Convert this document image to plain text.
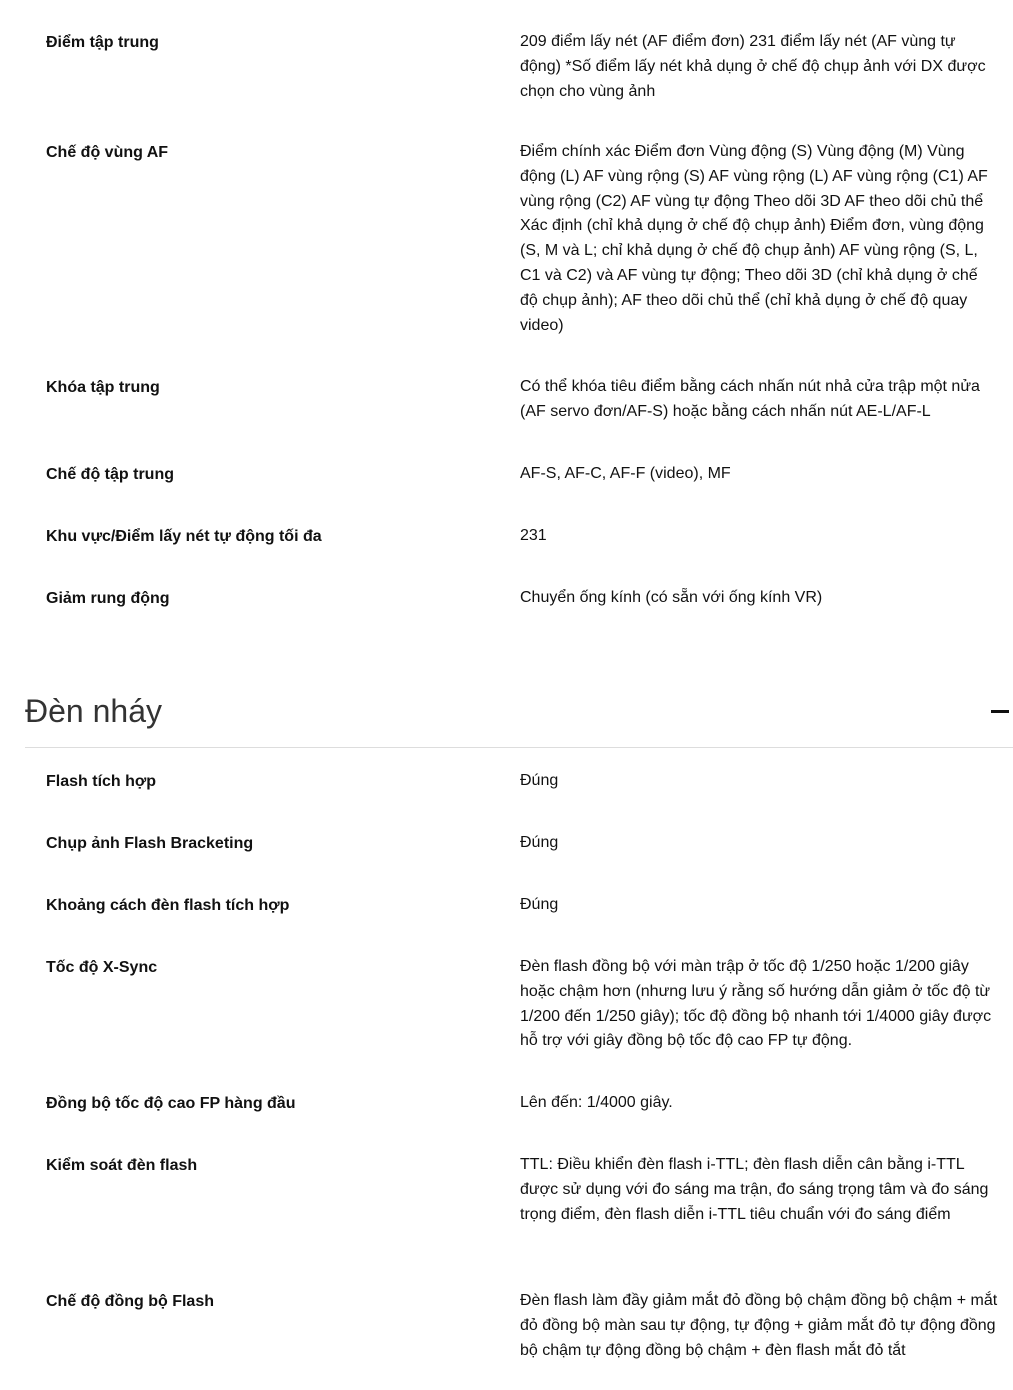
Điểm tập trung	209 điểm lấy nét (AF điểm đơn) 231 điểm lấy nét (AF vùng tự động) *Số điểm lấy nét khả dụng ở chế độ chụp ảnh với DX được chọn cho vùng ảnh
Chế độ vùng AF	Điểm chính xác Điểm đơn Vùng động (S) Vùng động (M) Vùng động (L) AF vùng rộng (S) AF vùng rộng (L) AF vùng rộng (C1) AF vùng rộng (C2) AF vùng tự động Theo dõi 3D AF theo dõi chủ thể Xác định (chỉ khả dụng ở chế độ chụp ảnh) Điểm đơn, vùng động (S, M và L; chỉ khả dụng ở chế độ chụp ảnh) AF vùng rộng (S, L, C1 và C2) và AF vùng tự động; Theo dõi 3D (chỉ khả dụng ở chế độ chụp ảnh); AF theo dõi chủ thể (chỉ khả dụng ở chế độ quay video)
Khóa tập trung	Có thể khóa tiêu điểm bằng cách nhấn nút nhả cửa trập một nửa (AF servo đơn/AF-S) hoặc bằng cách nhấn nút AE-L/AF-L
Chế độ tập trung	AF-S, AF-C, AF-F (video), MF
Khu vực/Điểm lấy nét tự động tối đa	231
Giảm rung động	Chuyển ống kính (có sẵn với ống kính VR)
Đèn nháy
Flash tích hợp	Đúng
Chụp ảnh Flash Bracketing	Đúng
Khoảng cách đèn flash tích hợp	Đúng
Tốc độ X-Sync	Đèn flash đồng bộ với màn trập ở tốc độ 1/250 hoặc 1/200 giây hoặc chậm hơn (nhưng lưu ý rằng số hướng dẫn giảm ở tốc độ từ 1/200 đến 1/250 giây); tốc độ đồng bộ nhanh tới 1/4000 giây được hỗ trợ với giây đồng bộ tốc độ cao FP tự động.
Đồng bộ tốc độ cao FP hàng đầu	Lên đến: 1/4000 giây.
Kiểm soát đèn flash	TTL: Điều khiển đèn flash i-TTL; đèn flash diễn cân bằng i-TTL được sử dụng với đo sáng ma trận, đo sáng trọng tâm và đo sáng trọng điểm, đèn flash diễn i-TTL tiêu chuẩn với đo sáng điểm
Chế độ đồng bộ Flash	Đèn flash làm đầy giảm mắt đỏ đồng bộ chậm đồng bộ chậm + mắt đỏ đồng bộ màn sau tự động, tự động + giảm mắt đỏ tự động đồng bộ chậm tự động đồng bộ chậm + đèn flash mắt đỏ tắt
